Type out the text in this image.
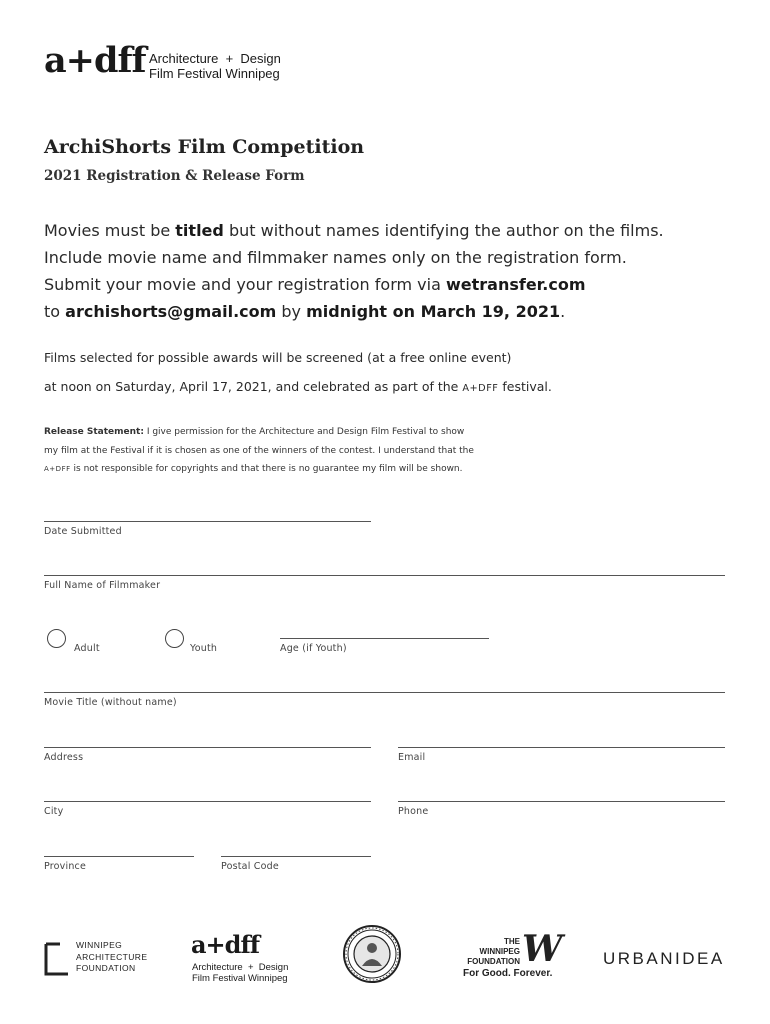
a+dff Architecture  +  Design
Film Festival Winnipeg
ArchiShorts Film Competition
2021 Registration & Release Form
Movies must be titled but without names identifying the author on the films.
Include movie name and filmmaker names only on the registration form.
Submit your movie and your registration form via wetransfer.com
to archishorts@gmail.com by midnight on March 19, 2021.
Films selected for possible awards will be screened (at a free online event)
at noon on Saturday, April 17, 2021, and celebrated as part of the A+DFF festival.
Release Statement: I give permission for the Architecture and Design Film Festival to show
my film at the Festival if it is chosen as one of the winners of the contest. I understand that the
A+DFF is not responsible for copyrights and that there is no guarantee my film will be shown.
Date Submitted
Full Name of Filmmaker
Adult	Youth	Age (if Youth)
Movie Title (without name)
Address	Email
City	Phone
Province	Postal Code
WINNIPEG
ARCHITECTURE
FOUNDATION
a+dff
Architecture  +  Design
Film Festival Winnipeg
THE
WINNIPEG
FOUNDATION W
For Good. Forever.
URBANIDEA
